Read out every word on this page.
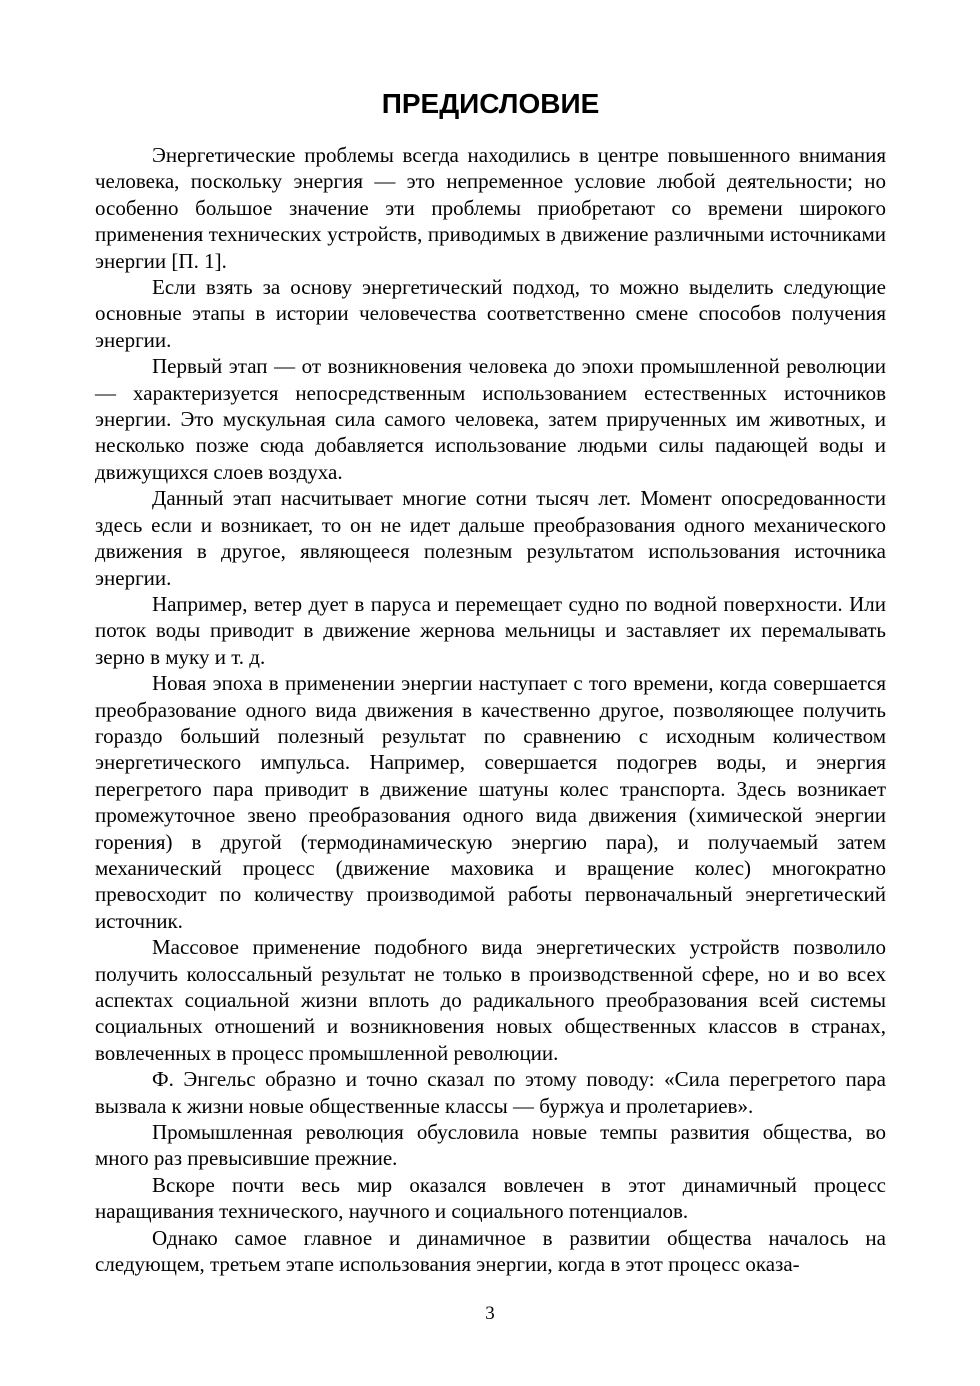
ПРЕДИСЛОВИЕ

Энергетические проблемы всегда находились в центре повышенного внимания человека, поскольку энергия — это непременное условие любой деятельности; но особенно большое значение эти проблемы приобретают со времени широкого применения технических устройств, приводимых в движение различными источниками энергии [П. 1].

Если взять за основу энергетический подход, то можно выделить следующие основные этапы в истории человечества соответственно смене способов получения энергии.

Первый этап — от возникновения человека до эпохи промышленной революции — характеризуется непосредственным использованием естественных источников энергии. Это мускульная сила самого человека, затем прирученных им животных, и несколько позже сюда добавляется использование людьми силы падающей воды и движущихся слоев воздуха.

Данный этап насчитывает многие сотни тысяч лет. Момент опосредованности здесь если и возникает, то он не идет дальше преобразования одного механического движения в другое, являющееся полезным результатом использования источника энергии.

Например, ветер дует в паруса и перемещает судно по водной поверхности. Или поток воды приводит в движение жернова мельницы и заставляет их перемалывать зерно в муку и т. д.

Новая эпоха в применении энергии наступает с того времени, когда совершается преобразование одного вида движения в качественно другое, позволяющее получить гораздо больший полезный результат по сравнению с исходным количеством энергетического импульса. Например, совершается подогрев воды, и энергия перегретого пара приводит в движение шатуны колес транспорта. Здесь возникает промежуточное звено преобразования одного вида движения (химической энергии горения) в другой (термодинамическую энергию пара), и получаемый затем механический процесс (движение маховика и вращение колес) многократно превосходит по количеству производимой работы первоначальный энергетический источник.

Массовое применение подобного вида энергетических устройств позволило получить колоссальный результат не только в производственной сфере, но и во всех аспектах социальной жизни вплоть до радикального преобразования всей системы социальных отношений и возникновения новых общественных классов в странах, вовлеченных в процесс промышленной революции.

Ф. Энгельс образно и точно сказал по этому поводу: «Сила перегретого пара вызвала к жизни новые общественные классы — буржуа и пролетариев».

Промышленная революция обусловила новые темпы развития общества, во много раз превысившие прежние.

Вскоре почти весь мир оказался вовлечен в этот динамичный процесс наращивания технического, научного и социального потенциалов.

Однако самое главное и динамичное в развитии общества началось на следующем, третьем этапе использования энергии, когда в этот процесс оказа-

3
